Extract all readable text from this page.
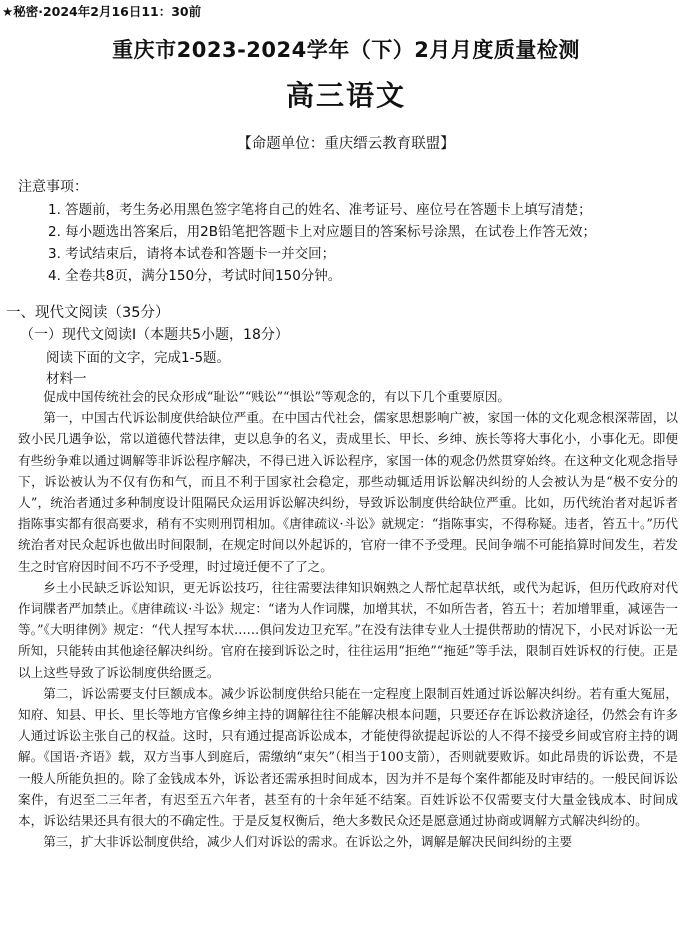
★秘密·2024年2月16日11：30前
重庆市2023-2024学年（下）2月月度质量检测
高三语文
【命题单位：重庆缙云教育联盟】
注意事项：
1. 答题前，考生务必用黑色签字笔将自己的姓名、准考证号、座位号在答题卡上填写清楚；
2. 每小题选出答案后，用2B铅笔把答题卡上对应题目的答案标号涂黑，在试卷上作答无效；
3. 考试结束后，请将本试卷和答题卡一并交回；
4. 全卷共8页，满分150分，考试时间150分钟。
一、现代文阅读（35分）
（一）现代文阅读Ⅰ（本题共5小题，18分）
阅读下面的文字，完成1-5题。
材料一

促成中国传统社会的民众形成“耻讼”“贱讼”“惧讼”等观念的，有以下几个重要原因。

第一，中国古代诉讼制度供给缺位严重。在中国古代社会，儒家思想影响广被，家国一体的文化观念根深蒂固，以致小民几遇争讼，常以道德代替法律，吏以息争的名义，责成里长、甲长、乡绅、族长等将大事化小，小事化无。即便有些纷争难以通过调解等非诉讼程序解决，不得已进入诉讼程序，家国一体的观念仍然贯穿始终。在这种文化观念指导下，诉讼被认为不仅有伤和气，而且不利于国家社会稳定，那些动辄适用诉讼解决纠纷的人会被认为是“极不安分的人”，统治者通过多种制度设计阻隔民众运用诉讼解决纠纷，导致诉讼制度供给缺位严重。比如，历代统治者对起诉者指陈事实都有很高要求，稍有不实则刑罚相加。《唐律疏议·斗讼》就规定：“指陈事实，不得称疑。违者，笞五十。”历代统治者对民众起诉也做出时间限制，在规定时间以外起诉的，官府一律不予受理。民间争端不可能掐算时间发生，若发生之时官府因时间不巧不予受理，时过境迁便不了了之。

乡土小民缺乏诉讼知识，更无诉讼技巧，往往需要法律知识娴熟之人帮忙起草状纸，或代为起诉，但历代政府对代作词牒者严加禁止。《唐律疏议·斗讼》规定：“诸为人作词牒，加增其状，不如所告者，笞五十；若加增罪重，减诬告一等。”《大明律例》规定：“代人捏写本状……俱问发边卫充军。”在没有法律专业人士提供帮助的情况下，小民对诉讼一无所知，只能转由其他途径解决纠纷。官府在接到诉讼之时，往往运用“拒绝”“拖延”等手法，限制百姓诉权的行使。正是以上这些导致了诉讼制度供给匮乏。

第二，诉讼需要支付巨额成本。减少诉讼制度供给只能在一定程度上限制百姓通过诉讼解决纠纷。若有重大冤屈，知府、知县、甲长、里长等地方官像乡绅主持的调解往往不能解决根本问题，只要还存在诉讼救济途径，仍然会有许多人通过诉讼主张自己的权益。这时，只有通过提高诉讼成本，才能使得欲提起诉讼的人不得不接受乡间或官府主持的调解。《国语·齐语》载，双方当事人到庭后，需缴纳“束矢”（相当于100支箭），否则就要败诉。如此昂贵的诉讼费，不是一般人所能负担的。除了金钱成本外，诉讼者还需承担时间成本，因为并不是每个案件都能及时审结的。一般民间诉讼案件，有迟至二三年者，有迟至五六年者，甚至有的十余年延不结案。百姓诉讼不仅需要支付大量金钱成本、时间成本，诉讼结果还具有很大的不确定性。于是反复权衡后，绝大多数民众还是愿意通过协商或调解方式解决纠纷的。

第三，扩大非诉讼制度供给，减少人们对诉讼的需求。在诉讼之外，调解是解决民间纠纷的主要
